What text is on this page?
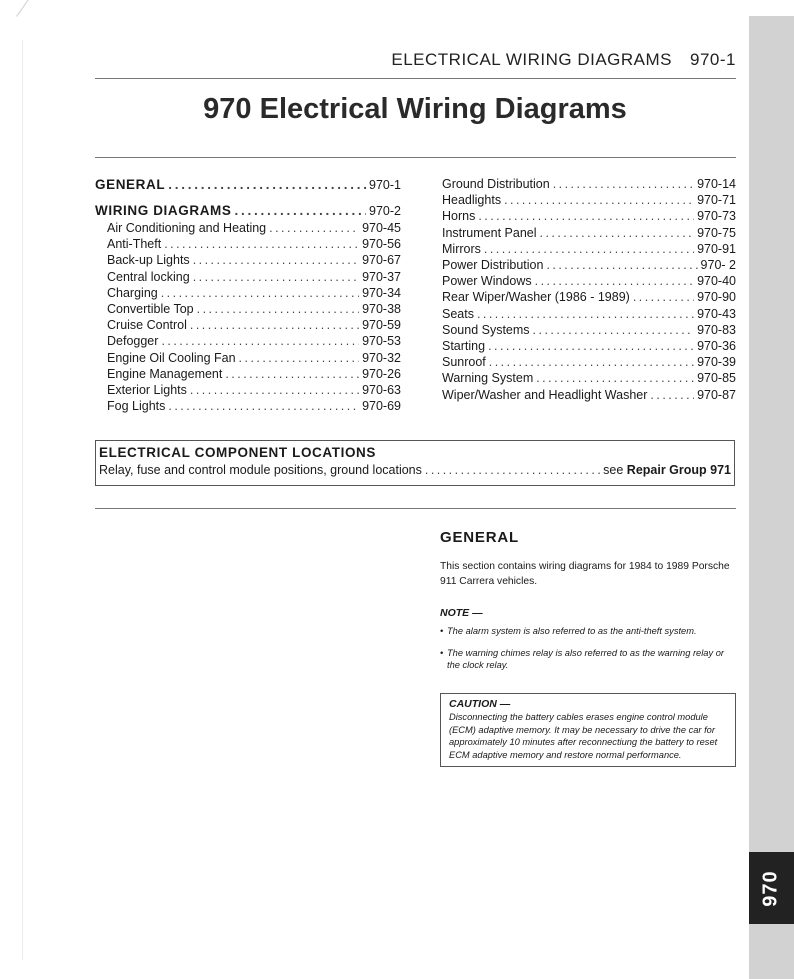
970
ELECTRICAL WIRING DIAGRAMS 970-1
970 Electrical Wiring Diagrams
GENERAL . . .	970-1
WIRING DIAGRAMS . . .	970-2
Air Conditioning and Heating . . .	970-45
Anti-Theft . . .	970-56
Back-up Lights . . .	970-67
Central locking . . .	970-37
Charging . . .	970-34
Convertible Top . . .	970-38
Cruise Control . . .	970-59
Defogger . . .	970-53
Engine Oil Cooling Fan . . .	970-32
Engine Management . . .	970-26
Exterior Lights . . .	970-63
Fog Lights . . .	970-69
Ground Distribution . . .	970-14
Headlights . . .	970-71
Horns . . .	970-73
Instrument Panel . . .	970-75
Mirrors . . .	970-91
Power Distribution . . .	970- 2
Power Windows . . .	970-40
Rear Wiper/Washer (1986 - 1989) . . .	970-90
Seats . . .	970-43
Sound Systems . . .	970-83
Starting . . .	970-36
Sunroof . . .	970-39
Warning System . . .	970-85
Wiper/Washer and Headlight Washer . . .	970-87
ELECTRICAL COMPONENT LOCATIONS
Relay, fuse and control module positions, ground locations . . .	see Repair Group 971
GENERAL
This section contains wiring diagrams for 1984 to 1989 Porsche 911 Carrera vehicles.
NOTE —
• The alarm system is also referred to as the anti-theft system.
• The warning chimes relay is also referred to as the warning relay or the clock relay.
CAUTION —
Disconnecting the battery cables erases engine control module (ECM) adaptive memory. It may be necessary to drive the car for approximately 10 minutes after reconnectiung the battery to reset ECM adaptive memory and restore normal performance.
